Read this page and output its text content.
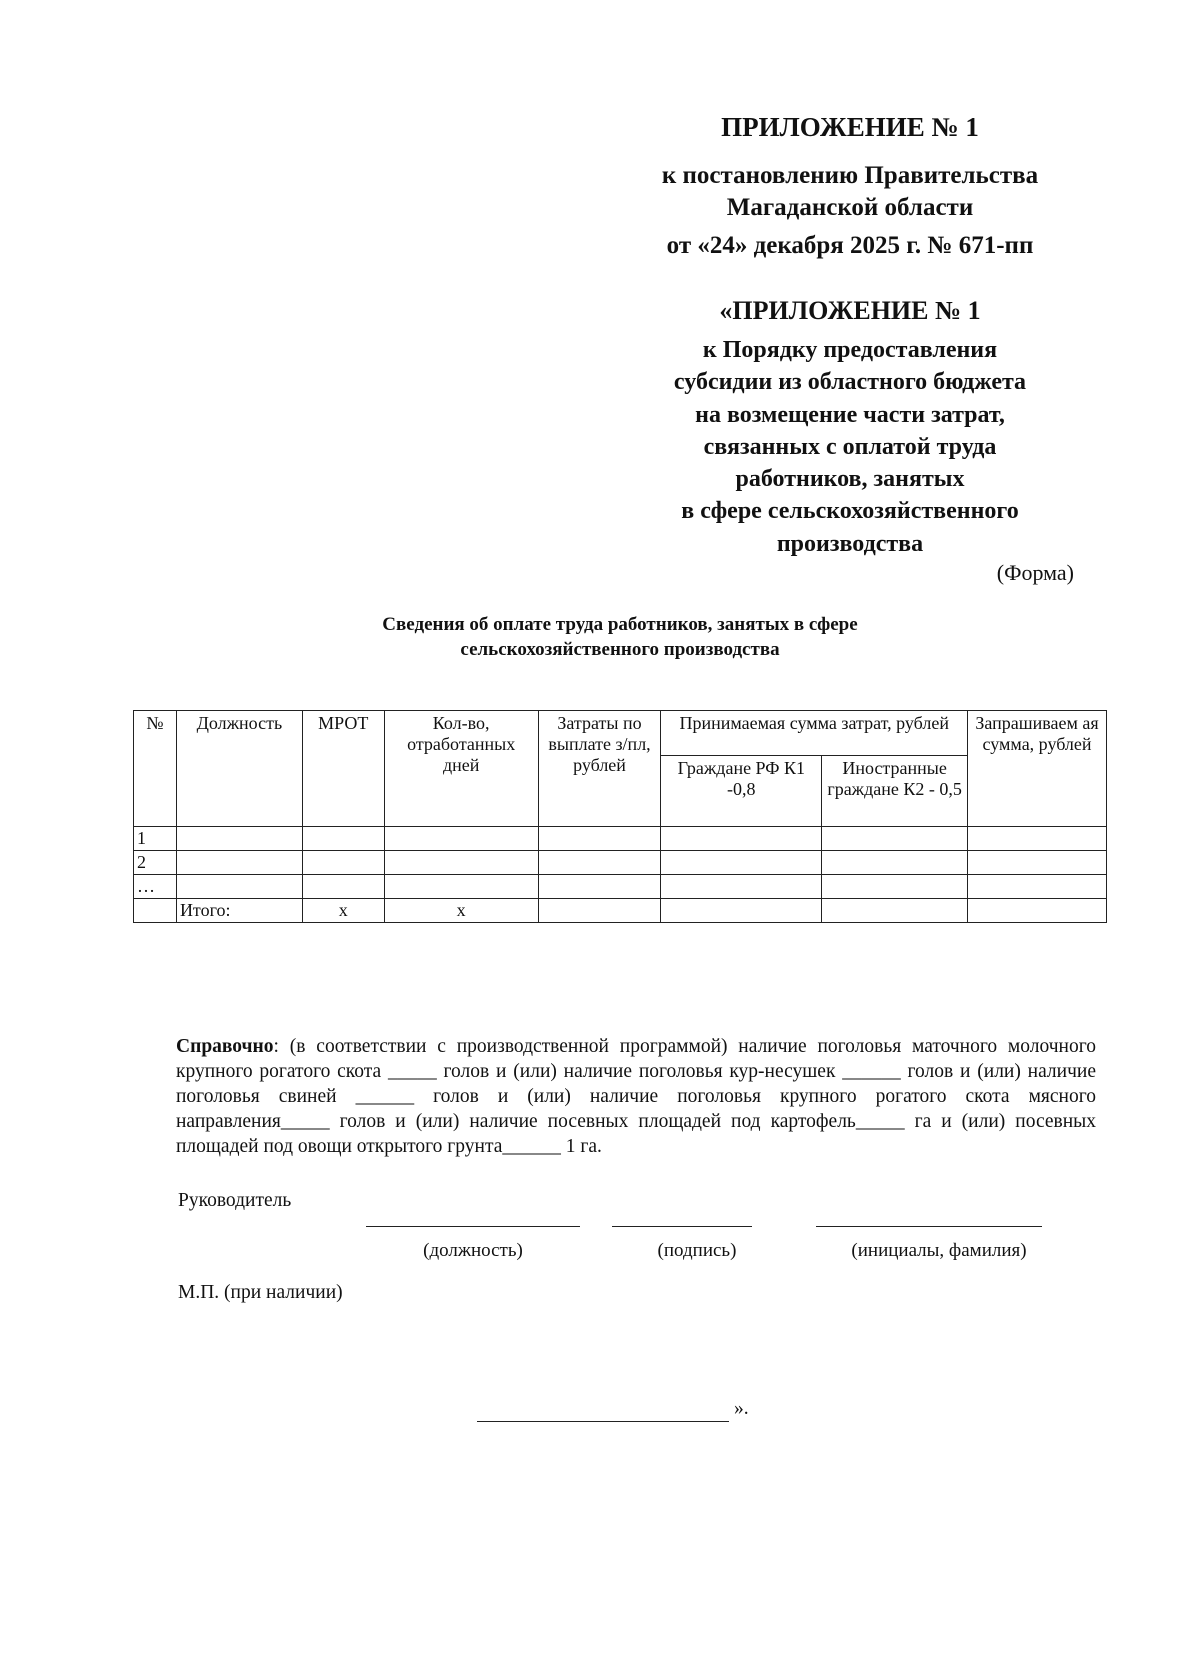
ПРИЛОЖЕНИЕ № 1
к постановлению Правительства
Магаданской области
от «24» декабря 2025 г. № 671-пп
«ПРИЛОЖЕНИЕ № 1
к Порядку предоставления
субсидии из областного бюджета
на возмещение части затрат,
связанных с оплатой труда
работников, занятых
в сфере сельскохозяйственного
производства
(Форма)
Сведения об оплате труда работников, занятых в сфере
сельскохозяйственного производства
№	Должность	МРОТ	Кол-во, отработанных дней	Затраты по выплате з/пл, рублей	Принимаемая сумма затрат, рублей		Запрашиваем ая сумма, рублей
					Граждане РФ К1 -0,8	Иностранные граждане К2 - 0,5	
1							
2							
…							
	Итого:	х	х				
Справочно: (в соответствии с производственной программой) наличие поголовья маточного молочного крупного рогатого скота _____ голов и (или) наличие поголовья кур-несушек ______ голов и (или) наличие поголовья свиней ______ голов и (или) наличие поголовья крупного рогатого скота мясного направления_____ голов и (или) наличие посевных площадей под картофель_____ га и (или) посевных площадей под овощи открытого грунта______ 1 га.
Руководитель
(должность)	(подпись)	(инициалы, фамилия)
М.П. (при наличии)
».
